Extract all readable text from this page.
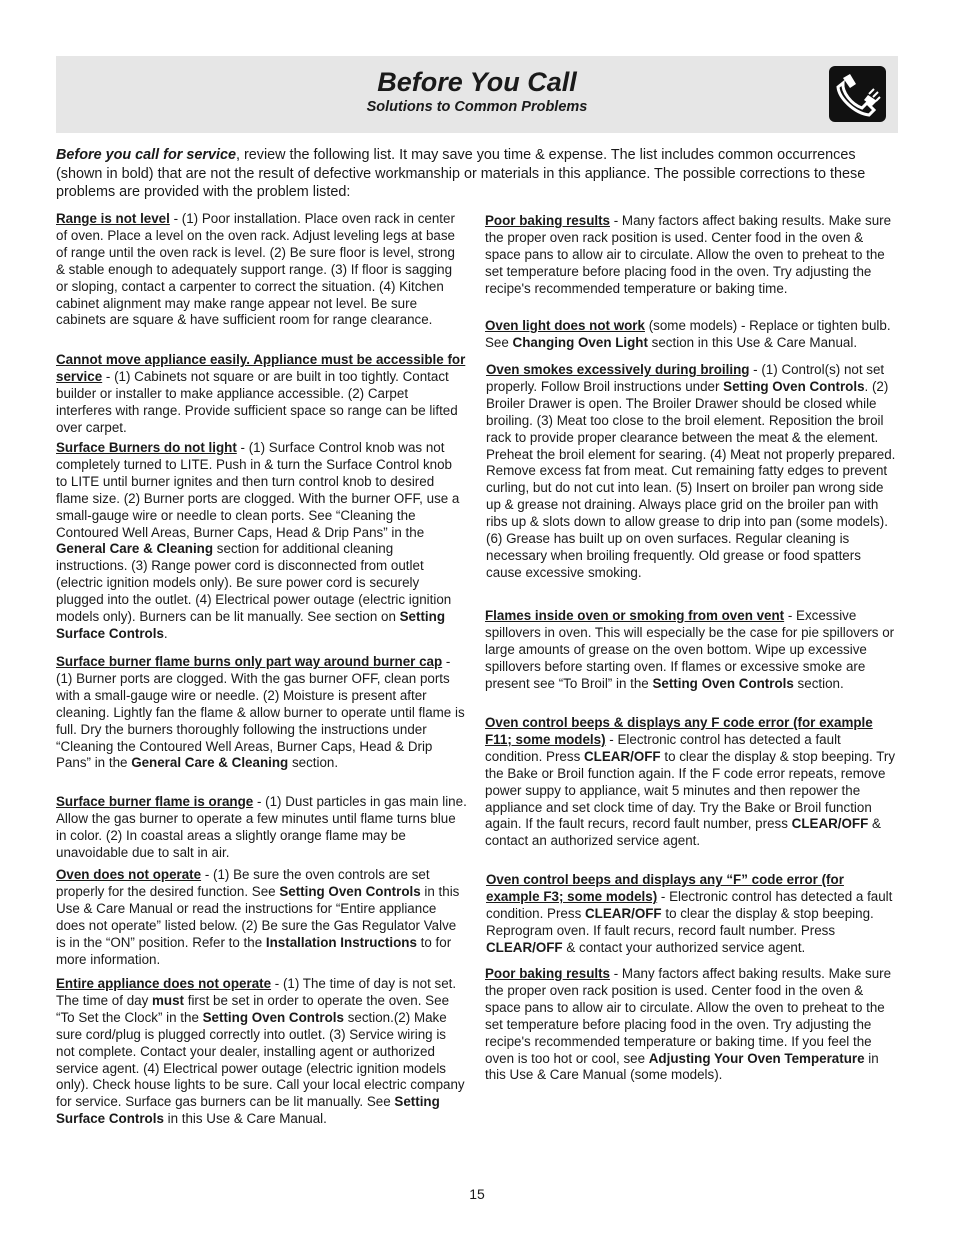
Before You Call
Solutions to Common Problems
Before you call for service, review the following list. It may save you time & expense. The list includes common occurrences (shown in bold) that are not the result of defective workmanship or materials in this appliance. The possible corrections to these problems are provided with the problem listed:

Range is not level - (1) Poor installation. Place oven rack in center of oven. Place a level on the oven rack. Adjust leveling legs at base of range until the oven rack is level. (2) Be sure floor is level, strong & stable enough to adequately support range. (3) If floor is sagging or sloping, contact a carpenter to correct the situation. (4) Kitchen cabinet alignment may make range appear not level. Be sure cabinets are square & have sufficient room for range clearance.

Cannot move appliance easily. Appliance must be accessible for service - (1) Cabinets not square or are built in too tightly. Contact builder or installer to make appliance accessible. (2) Carpet interferes with range. Provide sufficient space so range can be lifted over carpet.

Surface Burners do not light - (1) Surface Control knob was not completely turned to LITE. Push in & turn the Surface Control knob to LITE until burner ignites and then turn control knob to desired flame size. (2) Burner ports are clogged. With the burner OFF, use a small-gauge wire or needle to clean ports. See “Cleaning the Contoured Well Areas, Burner Caps, Head & Drip Pans” in the General Care & Cleaning section for additional cleaning instructions. (3) Range power cord is disconnected from outlet (electric ignition models only). Be sure power cord is securely plugged into the outlet. (4) Electrical power outage (electric ignition models only). Burners can be lit manually. See section on Setting Surface Controls.

Surface burner flame burns only part way around burner cap - (1) Burner ports are clogged. With the gas burner OFF, clean ports with a small-gauge wire or needle. (2) Moisture is present after cleaning. Lightly fan the flame & allow burner to operate until flame is full. Dry the burners thoroughly following the instructions under “Cleaning the Contoured Well Areas, Burner Caps, Head & Drip Pans” in the General Care & Cleaning section.

Surface burner flame is orange - (1) Dust particles in gas main line. Allow the gas burner to operate a few minutes until flame turns blue in color. (2) In coastal areas a slightly orange flame may be unavoidable due to salt in air.

Oven does not operate - (1) Be sure the oven controls are set properly for the desired function. See Setting Oven Controls in this Use & Care Manual or read the instructions for “Entire appliance does not operate” listed below. (2) Be sure the Gas Regulator Valve is in the “ON” position. Refer to the Installation Instructions to for more information.

Entire appliance does not operate - (1) The time of day is not set. The time of day must first be set in order to operate the oven. See “To Set the Clock” in the Setting Oven Controls section.(2) Make sure cord/plug is plugged correctly into outlet. (3) Service wiring is not complete. Contact your dealer, installing agent or authorized service agent. (4) Electrical power outage (electric ignition models only). Check house lights to be sure. Call your local electric company for service. Surface gas burners can be lit manually. See Setting Surface Controls in this Use & Care Manual.

Poor baking results - Many factors affect baking results. Make sure the proper oven rack position is used. Center food in the oven & space pans to allow air to circulate. Allow the oven to preheat to the set temperature before placing food in the oven. Try adjusting the recipe's recommended temperature or baking time.

Oven light does not work (some models) - Replace or tighten bulb. See Changing Oven Light section in this Use & Care Manual.

Oven smokes excessively during broiling - (1) Control(s) not set properly. Follow Broil instructions under Setting Oven Controls. (2) Broiler Drawer is open. The Broiler Drawer should be closed while broiling. (3) Meat too close to the broil element. Reposition the broil rack to provide proper clearance between the meat & the element. Preheat the broil element for searing. (4) Meat not properly prepared. Remove excess fat from meat. Cut remaining fatty edges to prevent curling, but do not cut into lean. (5) Insert on broiler pan wrong side up & grease not draining. Always place grid on the broiler pan with ribs up & slots down to allow grease to drip into pan (some models). (6) Grease has built up on oven surfaces. Regular cleaning is necessary when broiling frequently. Old grease or food spatters cause excessive smoking.

Flames inside oven or smoking from oven vent - Excessive spillovers in oven. This will especially be the case for pie spillovers or large amounts of grease on the oven bottom. Wipe up excessive spillovers before starting oven. If flames or excessive smoke are present see “To Broil” in the Setting Oven Controls section.

Oven control beeps & displays any F code error (for example F11; some models) - Electronic control has detected a fault condition. Press CLEAR/OFF to clear the display & stop beeping. Try the Bake or Broil function again. If the F code error repeats, remove power suppy to appliance, wait 5 minutes and then repower the appliance and set clock time of day. Try the Bake or Broil function again. If the fault recurs, record fault number, press CLEAR/OFF & contact an authorized service agent.

Oven control beeps and displays any “F” code error (for example F3; some models) - Electronic control has detected a fault condition. Press CLEAR/OFF to clear the display & stop beeping. Reprogram oven. If fault recurs, record fault number. Press CLEAR/OFF & contact your authorized service agent.

Poor baking results - Many factors affect baking results. Make sure the proper oven rack position is used. Center food in the oven & space pans to allow air to circulate. Allow the oven to preheat to the set temperature before placing food in the oven. Try adjusting the recipe's recommended temperature or baking time. If you feel the oven is too hot or cool, see Adjusting Your Oven Temperature in this Use & Care Manual (some models).

15
